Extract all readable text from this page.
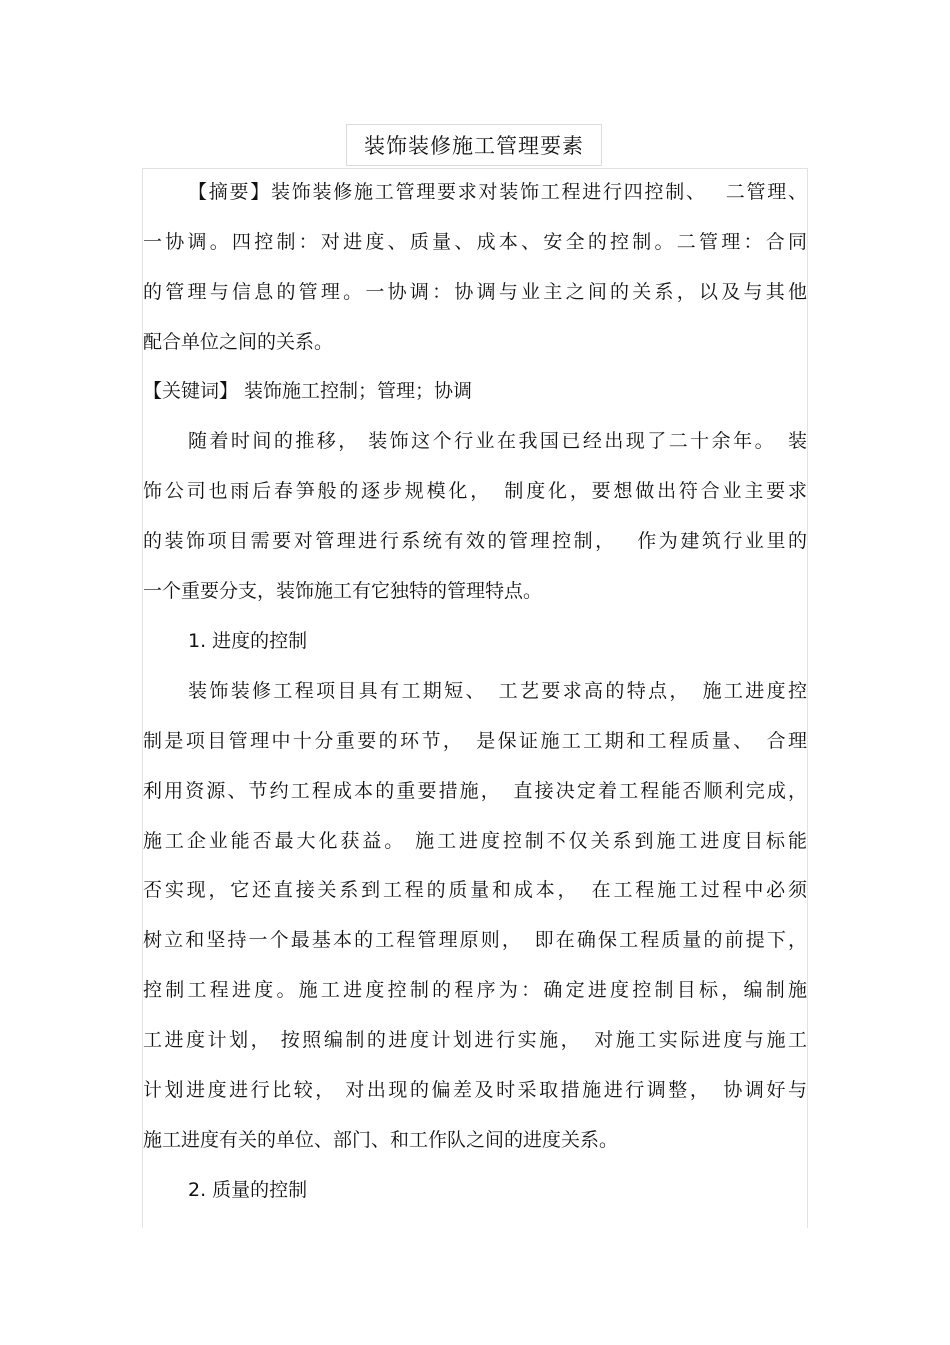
装饰装修施工管理要素
【摘要】装饰装修施工管理要求对装饰工程进行四控制、　 二管理、
一协调。四控制：对进度、质量、成本、安全的控制。二管理：合同
的管理与信息的管理。一协调：协调与业主之间的关系，以及与其他
配合单位之间的关系。
【关键词】 装饰施工控制；管理；协调
随着时间的推移， 装饰这个行业在我国已经出现了二十余年。　装
饰公司也雨后春笋般的逐步规模化，　制度化，要想做出符合业主要求
的装饰项目需要对管理进行系统有效的管理控制，　 作为建筑行业里的
一个重要分支，装饰施工有它独特的管理特点。
1. 进度的控制
装饰装修工程项目具有工期短、　工艺要求高的特点，　施工进度控
制是项目管理中十分重要的环节，　是保证施工工期和工程质量、　合理
利用资源、节约工程成本的重要措施，　直接决定着工程能否顺利完成，
施工企业能否最大化获益。 施工进度控制不仅关系到施工进度目标能
否实现，它还直接关系到工程的质量和成本，　在工程施工过程中必须
树立和坚持一个最基本的工程管理原则，　即在确保工程质量的前提下，
控制工程进度。施工进度控制的程序为：确定进度控制目标，编制施
工进度计划， 按照编制的进度计划进行实施，　对施工实际进度与施工
计划进度进行比较， 对出现的偏差及时采取措施进行调整，　协调好与
施工进度有关的单位、部门、和工作队之间的进度关系。
2. 质量的控制
